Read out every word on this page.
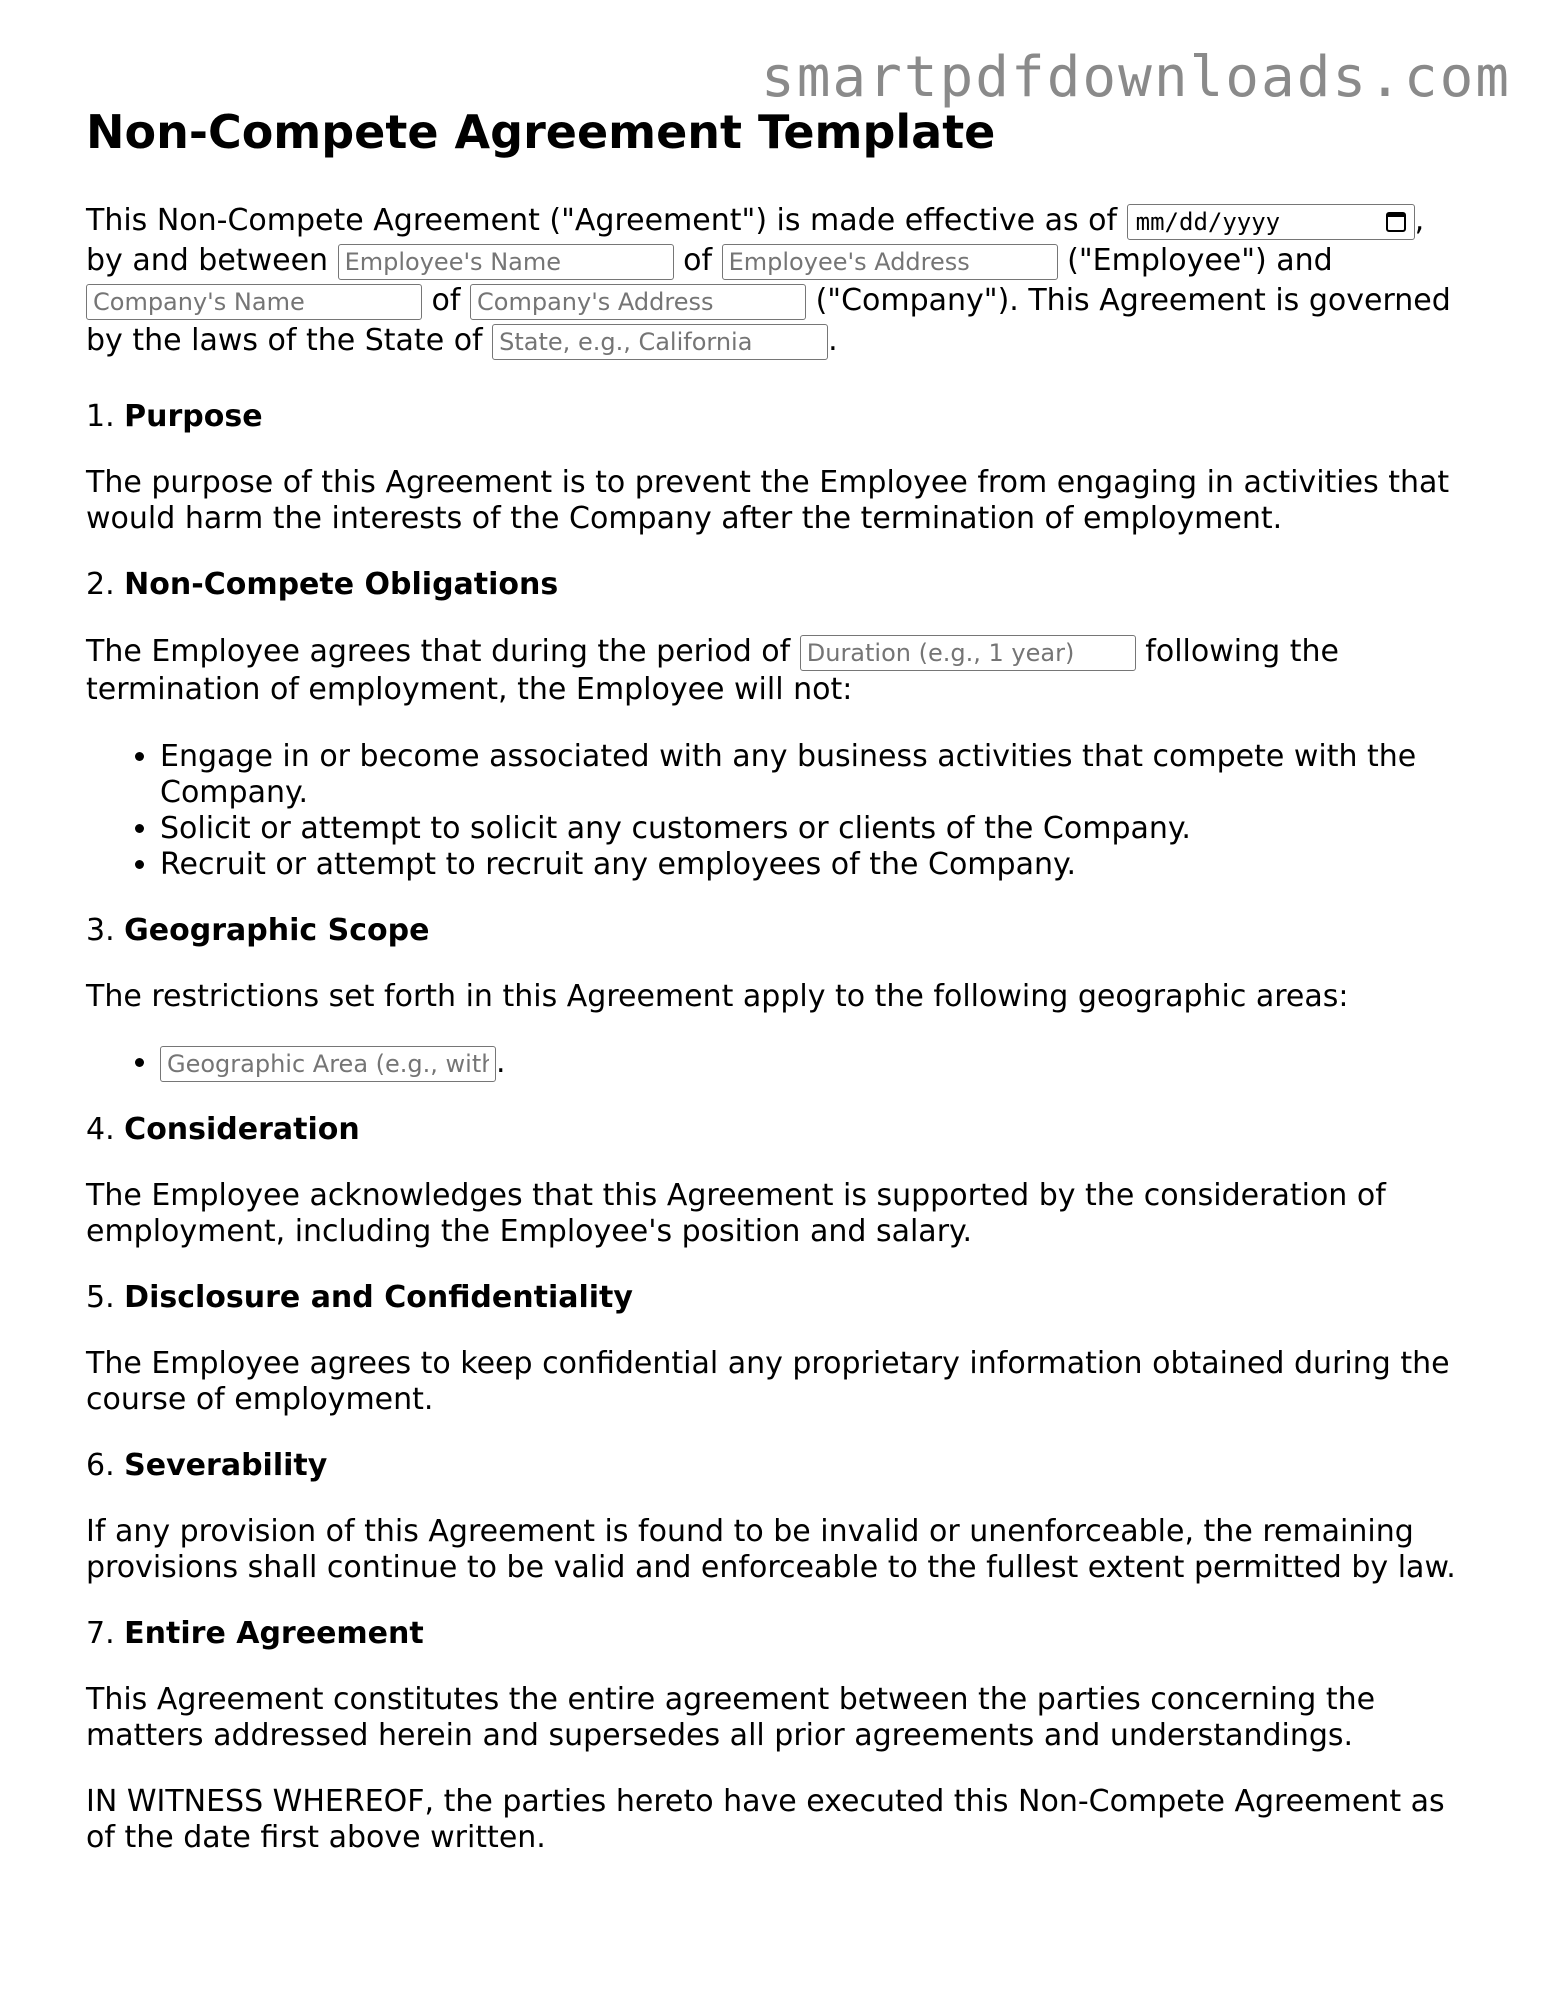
smartpdfdownloads.com
Non-Compete Agreement Template

This Non-Compete Agreement ("Agreement") is made effective as of mm/dd/yyyy	, by and between Employee's Name	of Employee's Address	("Employee") and Company's Name of Company's Address	("Company"). This Agreement is governed by the laws of the State of State, e.g., California	.

1. Purpose

The purpose of this Agreement is to prevent the Employee from engaging in activities that would harm the interests of the Company after the termination of employment.

2. Non-Compete Obligations

The Employee agrees that during the period of Duration (e.g., 1 year)	following the termination of employment, the Employee will not:

• Engage in or become associated with any business activities that compete with the Company.
• Solicit or attempt to solicit any customers or clients of the Company.
• Recruit or attempt to recruit any employees of the Company.

3. Geographic Scope

The restrictions set forth in this Agreement apply to the following geographic areas:

Geographic Area (e.g., within 50 miles) • .

4. Consideration

The Employee acknowledges that this Agreement is supported by the consideration of employment, including the Employee's position and salary.

5. Disclosure and Confidentiality

The Employee agrees to keep confidential any proprietary information obtained during the course of employment.

6. Severability

If any provision of this Agreement is found to be invalid or unenforceable, the remaining provisions shall continue to be valid and enforceable to the fullest extent permitted by law.

7. Entire Agreement

This Agreement constitutes the entire agreement between the parties concerning the matters addressed herein and supersedes all prior agreements and understandings.

IN WITNESS WHEREOF, the parties hereto have executed this Non-Compete Agreement as of the date first above written.
